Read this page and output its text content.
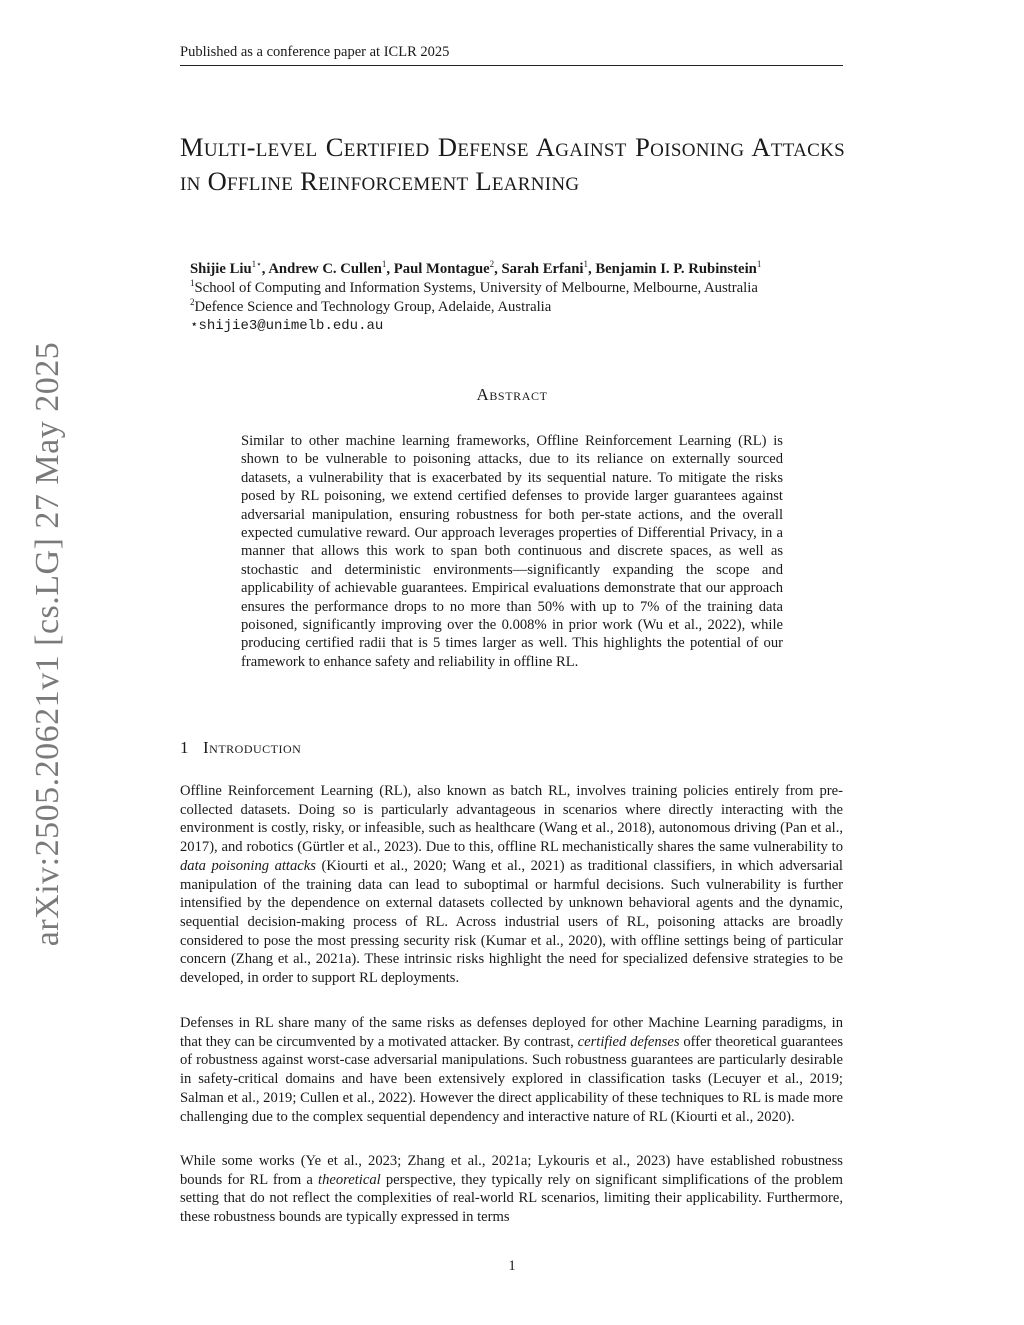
Published as a conference paper at ICLR 2025
Multi-level Certified Defense Against Poisoning Attacks in Offline Reinforcement Learning
Shijie Liu$^{1⋆}$, Andrew C. Cullen$^1$, Paul Montague$^2$, Sarah Erfani$^1$, Benjamin I. P. Rubinstein$^1$
$^1$School of Computing and Information Systems, University of Melbourne, Melbourne, Australia
$^2$Defence Science and Technology Group, Adelaide, Australia
⋆shijie3@unimelb.edu.au
Abstract

Similar to other machine learning frameworks, Offline Reinforcement Learning (RL) is shown to be vulnerable to poisoning attacks, due to its reliance on externally sourced datasets, a vulnerability that is exacerbated by its sequential nature. To mitigate the risks posed by RL poisoning, we extend certified defenses to provide larger guarantees against adversarial manipulation, ensuring robustness for both per-state actions, and the overall expected cumulative reward. Our approach leverages properties of Differential Privacy, in a manner that allows this work to span both continuous and discrete spaces, as well as stochastic and deterministic environments—significantly expanding the scope and applicability of achievable guarantees. Empirical evaluations demonstrate that our approach ensures the performance drops to no more than 50% with up to 7% of the training data poisoned, significantly improving over the 0.008% in prior work (Wu et al., 2022), while producing certified radii that is 5 times larger as well. This highlights the potential of our framework to enhance safety and reliability in offline RL.

1 Introduction

Offline Reinforcement Learning (RL), also known as batch RL, involves training policies entirely from pre-collected datasets. Doing so is particularly advantageous in scenarios where directly interacting with the environment is costly, risky, or infeasible, such as healthcare (Wang et al., 2018), autonomous driving (Pan et al., 2017), and robotics (Gürtler et al., 2023). Due to this, offline RL mechanistically shares the same vulnerability to data poisoning attacks (Kiourti et al., 2020; Wang et al., 2021) as traditional classifiers, in which adversarial manipulation of the training data can lead to suboptimal or harmful decisions. Such vulnerability is further intensified by the dependence on external datasets collected by unknown behavioral agents and the dynamic, sequential decision-making process of RL. Across industrial users of RL, poisoning attacks are broadly considered to pose the most pressing security risk (Kumar et al., 2020), with offline settings being of particular concern (Zhang et al., 2021a). These intrinsic risks highlight the need for specialized defensive strategies to be developed, in order to support RL deployments.

Defenses in RL share many of the same risks as defenses deployed for other Machine Learning paradigms, in that they can be circumvented by a motivated attacker. By contrast, certified defenses offer theoretical guarantees of robustness against worst-case adversarial manipulations. Such robustness guarantees are particularly desirable in safety-critical domains and have been extensively explored in classification tasks (Lecuyer et al., 2019; Salman et al., 2019; Cullen et al., 2022). However the direct applicability of these techniques to RL is made more challenging due to the complex sequential dependency and interactive nature of RL (Kiourti et al., 2020).

While some works (Ye et al., 2023; Zhang et al., 2021a; Lykouris et al., 2023) have established robustness bounds for RL from a theoretical perspective, they typically rely on significant simplifications of the problem setting that do not reflect the complexities of real-world RL scenarios, limiting their applicability. Furthermore, these robustness bounds are typically expressed in terms

1
arXiv:2505.20621v1 [cs.LG] 27 May 2025
